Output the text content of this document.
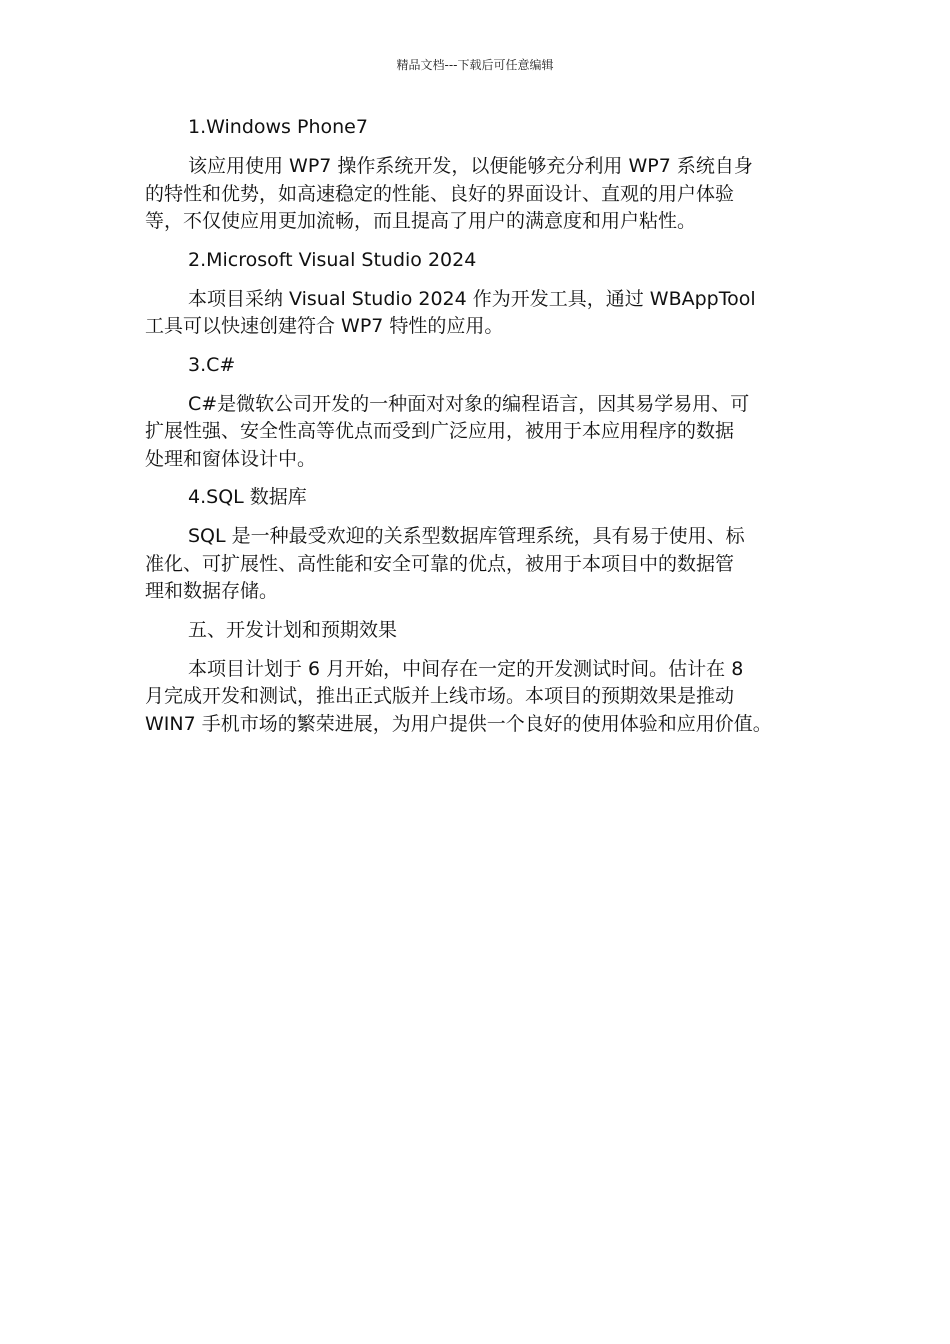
精品文档---下载后可任意编辑
1.Windows Phone7
该应用使用 WP7 操作系统开发，以便能够充分利用 WP7 系统自身
的特性和优势，如高速稳定的性能、良好的界面设计、直观的用户体验
等，不仅使应用更加流畅，而且提高了用户的满意度和用户粘性。
2.Microsoft Visual Studio 2024
本项目采纳 Visual Studio 2024 作为开发工具，通过 WBAppTool
工具可以快速创建符合 WP7 特性的应用。
3.C#
C#是微软公司开发的一种面对对象的编程语言，因其易学易用、可
扩展性强、安全性高等优点而受到广泛应用，被用于本应用程序的数据
处理和窗体设计中。
4.SQL 数据库
SQL 是一种最受欢迎的关系型数据库管理系统，具有易于使用、标
准化、可扩展性、高性能和安全可靠的优点，被用于本项目中的数据管
理和数据存储。
五、开发计划和预期效果
本项目计划于 6 月开始，中间存在一定的开发测试时间。估计在 8
月完成开发和测试，推出正式版并上线市场。本项目的预期效果是推动
WIN7 手机市场的繁荣进展，为用户提供一个良好的使用体验和应用价值。
